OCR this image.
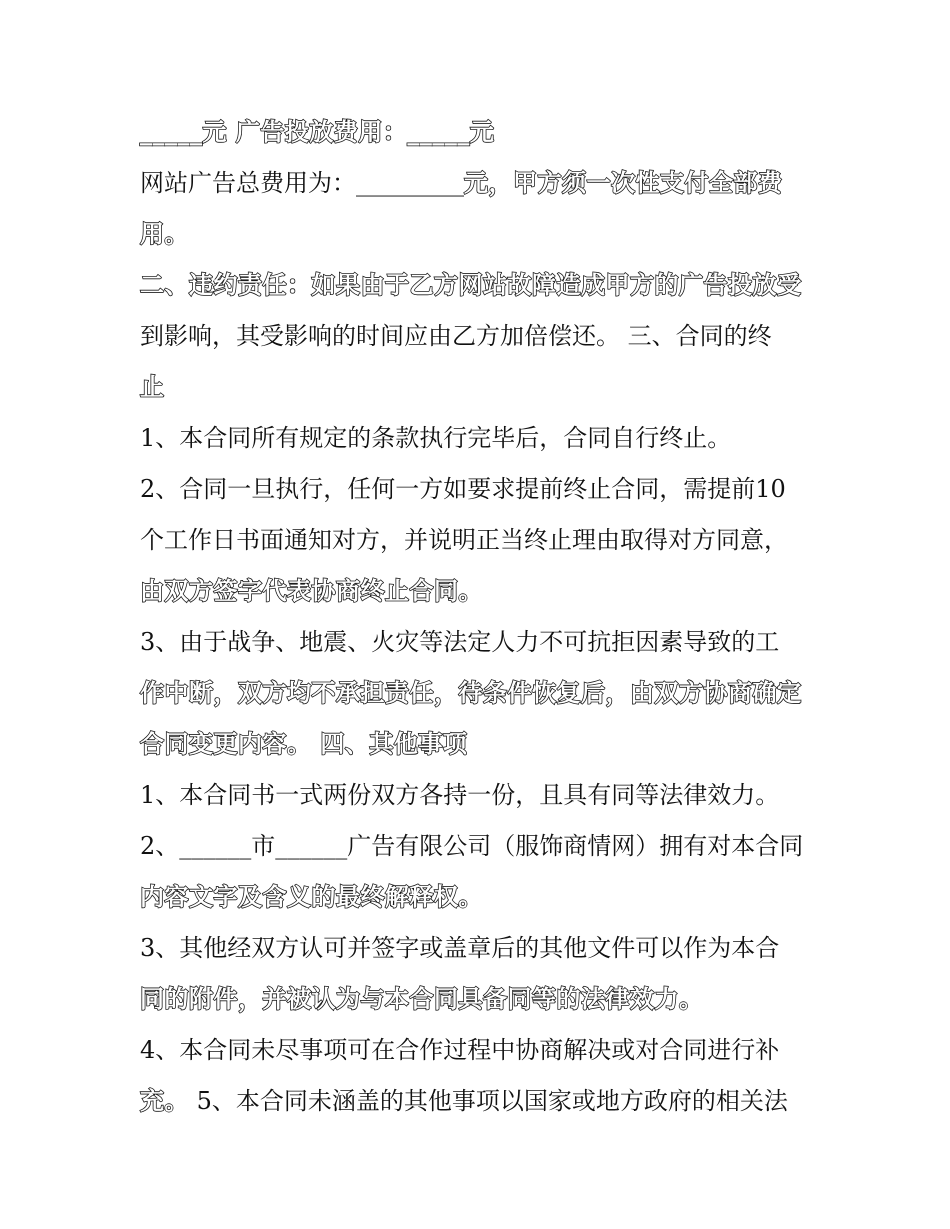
_____元 广告投放费用：_____元
网站广告总费用为：_________元，甲方须一次性支付全部费
用。
二、违约责任：如果由于乙方网站故障造成甲方的广告投放受
到影响，其受影响的时间应由乙方加倍偿还。 三、合同的终
止
1、本合同所有规定的条款执行完毕后，合同自行终止。
2、合同一旦执行，任何一方如要求提前终止合同，需提前10
个工作日书面通知对方，并说明正当终止理由取得对方同意，
由双方签字代表协商终止合同。
3、由于战争、地震、火灾等法定人力不可抗拒因素导致的工
作中断，双方均不承担责任，待条件恢复后，由双方协商确定
合同变更内容。 四、其他事项
1、本合同书一式两份双方各持一份，且具有同等法律效力。
2、______市______广告有限公司（服饰商情网）拥有对本合同
内容文字及含义的最终解释权。
3、其他经双方认可并签字或盖章后的其他文件可以作为本合
同的附件，并被认为与本合同具备同等的法律效力。
4、本合同未尽事项可在合作过程中协商解决或对合同进行补
充。 5、本合同未涵盖的其他事项以国家或地方政府的相关法
